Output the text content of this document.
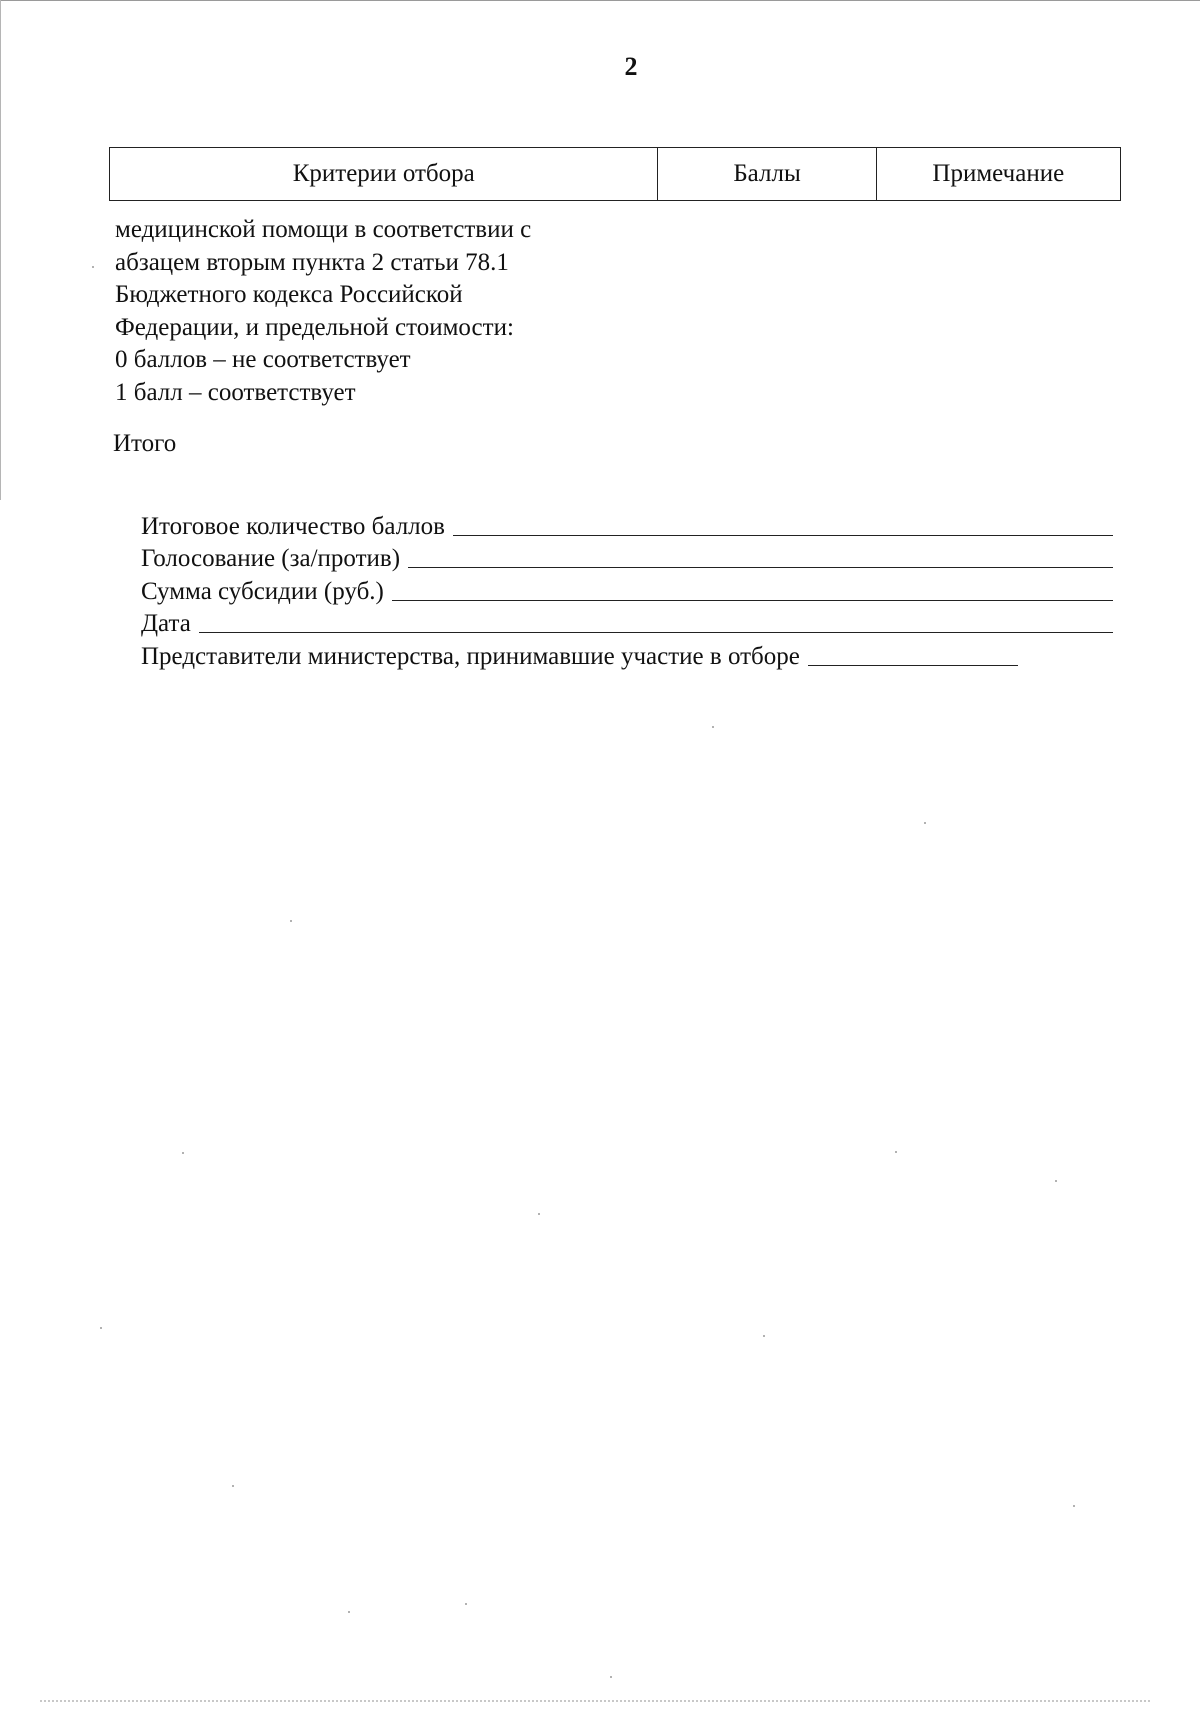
2
Критерии отбора	Баллы	Примечание
медицинской помощи в соответствии с
абзацем вторым пункта 2 статьи 78.1
Бюджетного кодекса Российской
Федерации, и предельной стоимости:
0 баллов – не соответствует
1 балл – соответствует
Итого
Итоговое количество баллов
Голосование (за/против)
Сумма субсидии (руб.)
Дата
Представители министерства, принимавшие участие в отборе
